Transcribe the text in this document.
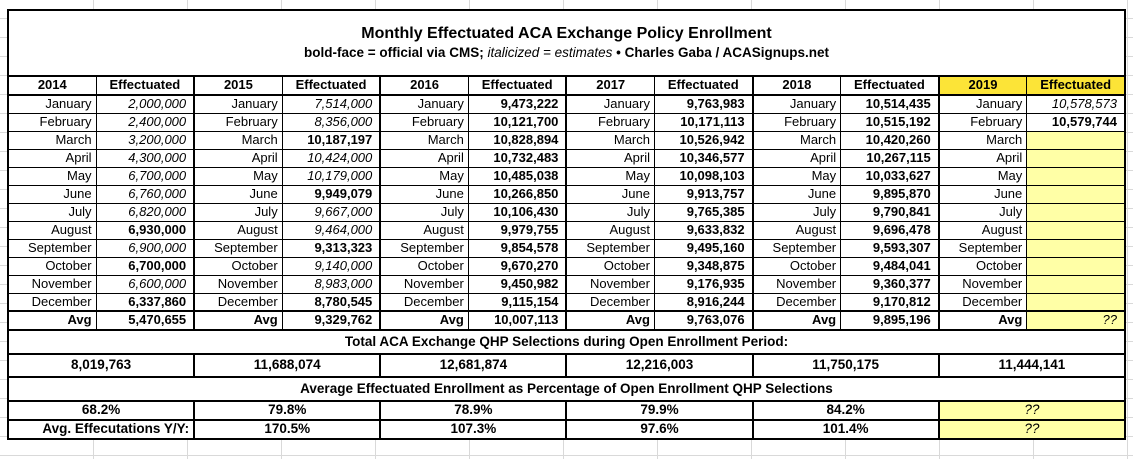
Monthly Effectuated ACA Exchange Policy Enrollment
bold-face = official via CMS; italicized = estimates • Charles Gaba / ACASignups.net											

2014	Effectuated	2015	Effectuated	2016	Effectuated	2017	Effectuated	2018	Effectuated	2019	Effectuated
January	2,000,000	January	7,514,000	January	9,473,222	January	9,763,983	January	10,514,435	January	10,578,573
February	2,400,000	February	8,356,000	February	10,121,700	February	10,171,113	February	10,515,192	February	10,579,744
March	3,200,000	March	10,187,197	March	10,828,894	March	10,526,942	March	10,420,260	March	
April	4,300,000	April	10,424,000	April	10,732,483	April	10,346,577	April	10,267,115	April	
May	6,700,000	May	10,179,000	May	10,485,038	May	10,098,103	May	10,033,627	May	
June	6,760,000	June	9,949,079	June	10,266,850	June	9,913,757	June	9,895,870	June	
July	6,820,000	July	9,667,000	July	10,106,430	July	9,765,385	July	9,790,841	July	
August	6,930,000	August	9,464,000	August	9,979,755	August	9,633,832	August	9,696,478	August	
September	6,900,000	September	9,313,323	September	9,854,578	September	9,495,160	September	9,593,307	September	
October	6,700,000	October	9,140,000	October	9,670,270	October	9,348,875	October	9,484,041	October	
November	6,600,000	November	8,983,000	November	9,450,982	November	9,176,935	November	9,360,377	November	
December	6,337,860	December	8,780,545	December	9,115,154	December	8,916,244	December	9,170,812	December	
Avg	5,470,655	Avg	9,329,762	Avg	10,007,113	Avg	9,763,076	Avg	9,895,196	Avg	??
Total ACA Exchange QHP Selections during Open Enrollment Period:											
8,019,763		11,688,074		12,681,874		12,216,003		11,750,175		11,444,141	
Average Effectuated Enrollment as Percentage of Open Enrollment QHP Selections											
68.2%		79.8%		78.9%		79.9%		84.2%		??	
Avg. Effecutations Y/Y:		170.5%		107.3%		97.6%		101.4%		??	
